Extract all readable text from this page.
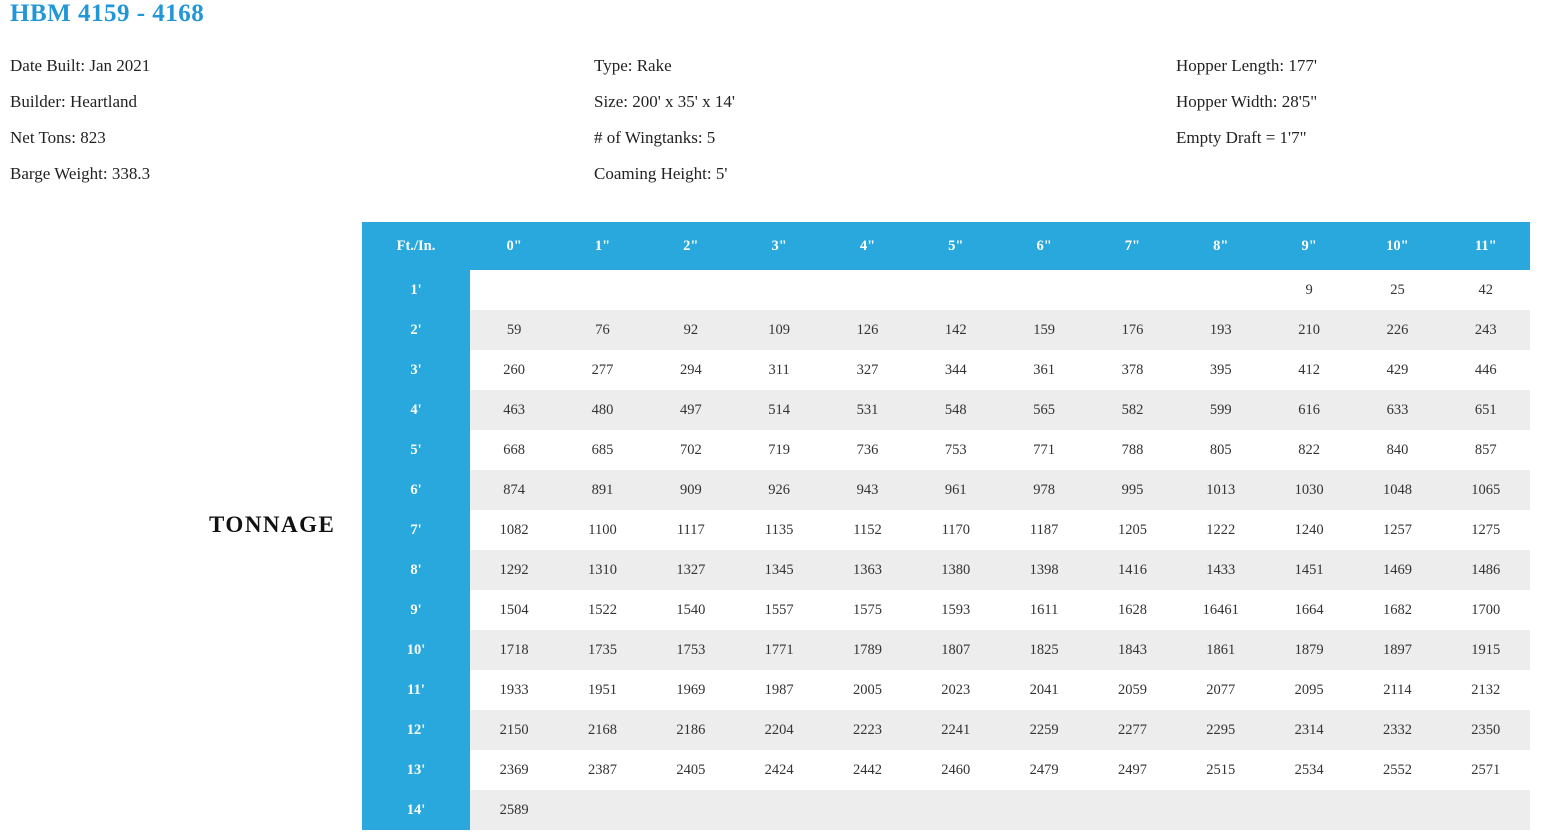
HBM 4159 - 4168
Date Built: Jan 2021
Builder: Heartland
Net Tons: 823
Barge Weight: 338.3
Type: Rake
Size: 200' x 35' x 14'
# of Wingtanks: 5
Coaming Height: 5'
Hopper Length: 177'
Hopper Width: 28'5"
Empty Draft = 1'7"
TONNAGE
Ft./In.	0"	1"	2"	3"	4"	5"	6"	7"	8"	9"	10"	11"
1'										9	25	42
2'	59	76	92	109	126	142	159	176	193	210	226	243
3'	260	277	294	311	327	344	361	378	395	412	429	446
4'	463	480	497	514	531	548	565	582	599	616	633	651
5'	668	685	702	719	736	753	771	788	805	822	840	857
6'	874	891	909	926	943	961	978	995	1013	1030	1048	1065
7'	1082	1100	1117	1135	1152	1170	1187	1205	1222	1240	1257	1275
8'	1292	1310	1327	1345	1363	1380	1398	1416	1433	1451	1469	1486
9'	1504	1522	1540	1557	1575	1593	1611	1628	16461	1664	1682	1700
10'	1718	1735	1753	1771	1789	1807	1825	1843	1861	1879	1897	1915
11'	1933	1951	1969	1987	2005	2023	2041	2059	2077	2095	2114	2132
12'	2150	2168	2186	2204	2223	2241	2259	2277	2295	2314	2332	2350
13'	2369	2387	2405	2424	2442	2460	2479	2497	2515	2534	2552	2571
14'	2589											
